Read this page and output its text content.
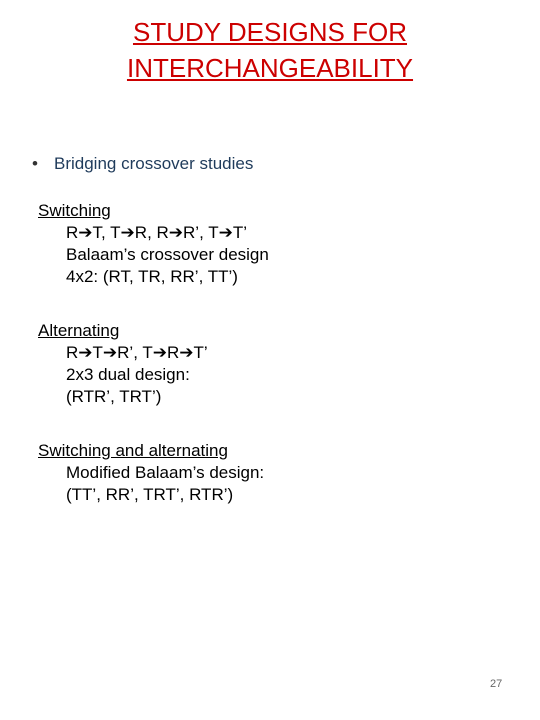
STUDY DESIGNS FOR
INTERCHANGEABILITY
• Bridging crossover studies
Switching
R➔T, T➔R, R➔R’, T➔T’
Balaam’s crossover design
4x2: (RT, TR, RR’, TT’)
Alternating
R➔T➔R’, T➔R➔T’
2x3 dual design:
(RTR’, TRT’)
Switching and alternating
Modified Balaam’s design:
(TT’, RR’, TRT’, RTR’)
27
